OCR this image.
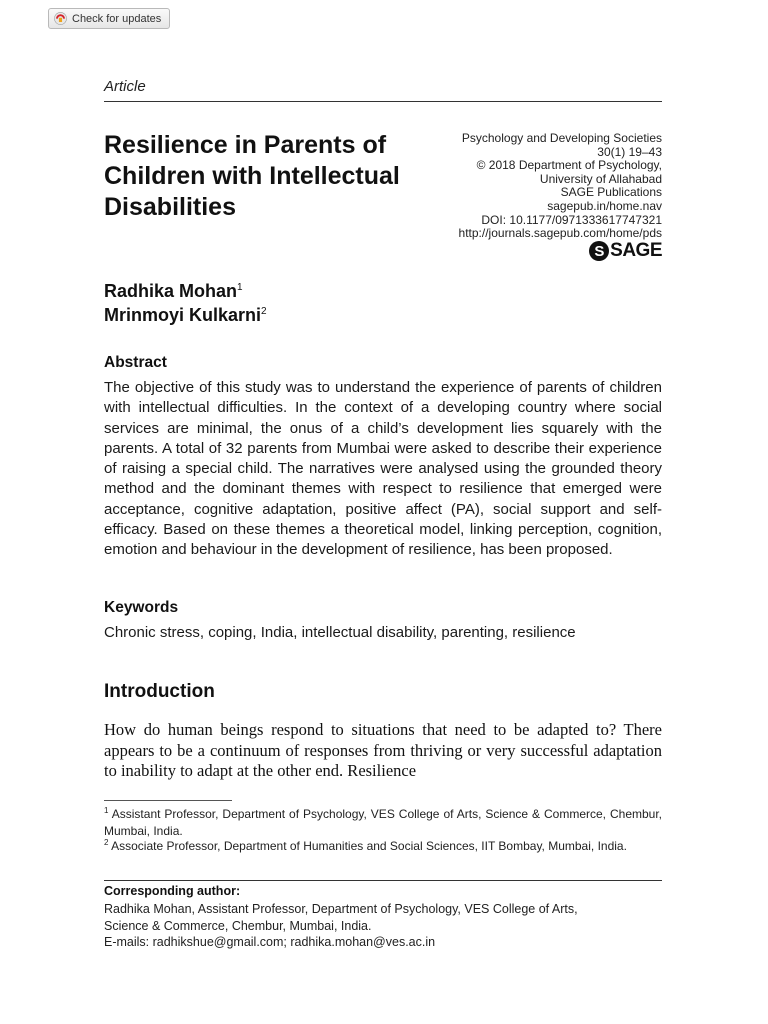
Check for updates
Article
Resilience in Parents of Children with Intellectual Disabilities
Psychology and Developing Societies
30(1) 19–43
© 2018 Department of Psychology,
University of Allahabad
SAGE Publications
sagepub.in/home.nav
DOI: 10.1177/0971333617747321
http://journals.sagepub.com/home/pds
S SAGE
Radhika Mohan$^1$
Mrinmoyi Kulkarni$^2$
Abstract
The objective of this study was to understand the experience of parents of children with intellectual difficulties. In the context of a developing country where social services are minimal, the onus of a child’s development lies squarely with the parents. A total of 32 parents from Mumbai were asked to describe their experience of raising a special child. The narratives were analysed using the grounded theory method and the dominant themes with respect to resilience that emerged were acceptance, cognitive adaptation, positive affect (PA), social support and self-efficacy. Based on these themes a theoretical model, linking perception, cognition, emotion and behaviour in the development of resilience, has been proposed.
Keywords
Chronic stress, coping, India, intellectual disability, parenting, resilience
Introduction
How do human beings respond to situations that need to be adapted to? There appears to be a continuum of responses from thriving or very successful adaptation to inability to adapt at the other end. Resilience
$^1$ Assistant Professor, Department of Psychology, VES College of Arts, Science & Commerce, Chembur, Mumbai, India.
$^2$ Associate Professor, Department of Humanities and Social Sciences, IIT Bombay, Mumbai, India.
Corresponding author:
Radhika Mohan, Assistant Professor, Department of Psychology, VES College of Arts,
Science & Commerce, Chembur, Mumbai, India.
E-mails: radhikshue@gmail.com; radhika.mohan@ves.ac.in
